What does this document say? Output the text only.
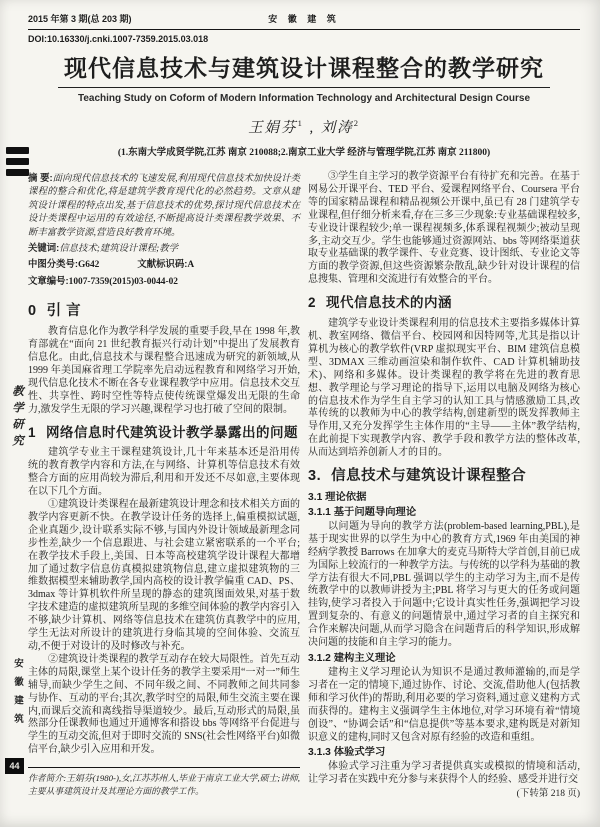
教学研究
安徽建筑
44
2015 年第 3 期(总 203 期)	安 徽 建 筑

DOI:10.16330/j.cnki.1007-7359.2015.03.018
现代信息技术与建筑设计课程整合的教学研究
Teaching Study on Coform of Modern Information Technology and Architectural Design Course
王娟芬$^1$ , 刘涛$^2$
(1.东南大学成贤学院,江苏 南京 210088;2.南京工业大学 经济与管理学院,江苏 南京 211800)
摘 要:面向现代信息技术的飞速发展,利用现代信息技术加快设计类课程的整合和优化,将是建筑学教育现代化的必然趋势。文章从建筑设计课程的特点出发,基于信息技术的优势,探讨现代信息技术在设计类课程中运用的有效途径,不断提高设计类课程教学效果、不断丰富教学资源,营造良好教育环境。
关键词:信息技术;建筑设计课程;教学
中图分类号:G642	文献标识码:A
文章编号:1007-7359(2015)03-0044-02
0 引 言

教育信息化作为教学科学发展的重要手段,早在 1998 年,教育部就在“面向 21 世纪教育振兴行动计划”中提出了发展教育信息化。由此,信息技术与课程整合迅速成为研究的新领域,从 1999 年美国麻省理工学院率先启动远程教育和网络学习开始,现代信息化技术不断在各专业课程教学中应用。信息技术交互性、共享性、跨时空性等特点使传统课堂爆发出无限的生命力,激发学生无限的学习兴趣,课程学习也打破了空间的限制。

1 网络信息时代建筑设计教学暴露出的问题

建筑学专业主干课程建筑设计,几十年来基本还是沿用传统的教育教学内容和方法,在与网络、计算机等信息技术有效整合方面的应用尚较为滞后,利用和开发还不尽如意,主要体现在以下几个方面。

①建筑设计类课程在最新建筑设计理念和技术相关方面的教学内容更新不快。在教学设计任务的选择上,偏重模拟试题,企业真题少,设计联系实际不够,与国内外设计领域最新理念同步性差,缺少一个信息跟进、与社会建立紧密联系的一个平台;在教学技术手段上,美国、日本等高校建筑学设计课程大都增加了通过数字信息仿真模拟建筑物信息,建立虚拟建筑物的三维数据模型来辅助教学,国内高校的设计教学偏重 CAD、PS、3dmax 等计算机软件所呈现的静态的建筑图面效果,对基于数字技术建造的虚拟建筑所呈现的多维空间体验的教学内容引入不够,缺少计算机、网络等信息技术在建筑仿真教学中的应用,学生无法对所设计的建筑进行身临其境的空间体验、交流互动,不便于对设计的及时修改与补充。

②建筑设计类课程的教学互动存在较大局限性。首先互动主体的局限,课堂上某个设计任务的教学主要采用“一对一”师生辅导,而缺少学生之间、不同年级之间、不同教师之间共同参与协作、互动的平台;其次,教学时空的局限,师生交流主要在课内,而课后交流和离线指导渠道较少。最后,互动形式的局限,虽然部分任课教师也通过开通博客和搭设 bbs 等网络平台促进与学生的互动交流,但对于即时交流的 SNS(社会性网络平台)如微信平台,缺少引入应用和开发。

作者简介:王娟芬(1980-),女,江苏苏州人,毕业于南京工业大学,硕士;讲师,主要从事建筑设计及其理论方面的教学工作。

③学生自主学习的教学资源平台有待扩充和完善。在基于网易公开课平台、TED 平台、爱课程网络平台、Coursera 平台等的国家精品课程和精品视频公开课中,虽已有 28 门建筑学专业课程,但仔细分析来看,存在三多三少现象:专业基础课程较多,专业设计课程较少;单一课程视频多,体系课程视频少;被动呈现多,主动交互少。学生也能够通过资源网站、bbs 等网络渠道获取专业基础课的教学课件、专业竞赛、设计图纸、专业论文等方面的教学资源,但这些资源繁杂散乱,缺少针对设计课程的信息搜集、管理和交流进行有效整合的平台。

2 现代信息技术的内涵

建筑学专业设计类课程利用的信息技术主要指多媒体计算机、教室网络、微信平台、校园网和因特网等,尤其是指以计算机为核心的教学软件(VRP 虚拟现实平台、BIM 建筑信息模型、3DMAX 三维动画渲染和制作软件、CAD 计算机辅助技术)、网络和多媒体。设计类课程的教学将在先进的教育思想、教学理论与学习理论的指导下,运用以电脑及网络为核心的信息技术作为学生自主学习的认知工具与情感激励工具,改革传统的以教师为中心的教学结构,创建新型的既发挥教师主导作用,又充分发挥学生主体作用的“主导——主体”教学结构,在此前提下实现教学内容、教学手段和教学方法的整体改革,从而达到培养创新人才的目的。

3. 信息技术与建筑设计课程整合
3.1 理论依据
3.1.1 基于问题导向理论

以问题为导向的教学方法(problem-based learning,PBL),是基于现实世界的以学生为中心的教育方式,1969 年由美国的神经病学教授 Barrows 在加拿大的麦克马斯特大学首创,目前已成为国际上较流行的一种教学方法。与传统的以学科为基础的教学方法有很大不同,PBL 强调以学生的主动学习为主,而不是传统教学中的以教师讲授为主;PBL 将学习与更大的任务或问题挂钩,使学习者投入于问题中;它设计真实性任务,强调把学习设置到复杂的、有意义的问题情景中,通过学习者的自主探究和合作来解决问题,从而学习隐含在问题背后的科学知识,形成解决问题的技能和自主学习的能力。

3.1.2 建构主义理论

建构主义学习理论认为知识不是通过教师灌输的,而是学习者在一定的情境下,通过协作、讨论、交流,借助他人(包括教师和学习伙伴)的帮助,利用必要的学习资料,通过意义建构方式而获得的。建构主义强调学生主体地位,对学习环境有着“情境创设”、“协调会话”和“信息提供”等基本要求,建构既是对新知识意义的建构,同时又包含对原有经验的改造和重组。

3.1.3 体验式学习

体验式学习注重为学习者提供真实或模拟的情境和活动,让学习者在实践中充分参与来获得个人的经验、感受并进行交

(下转第 218 页)
